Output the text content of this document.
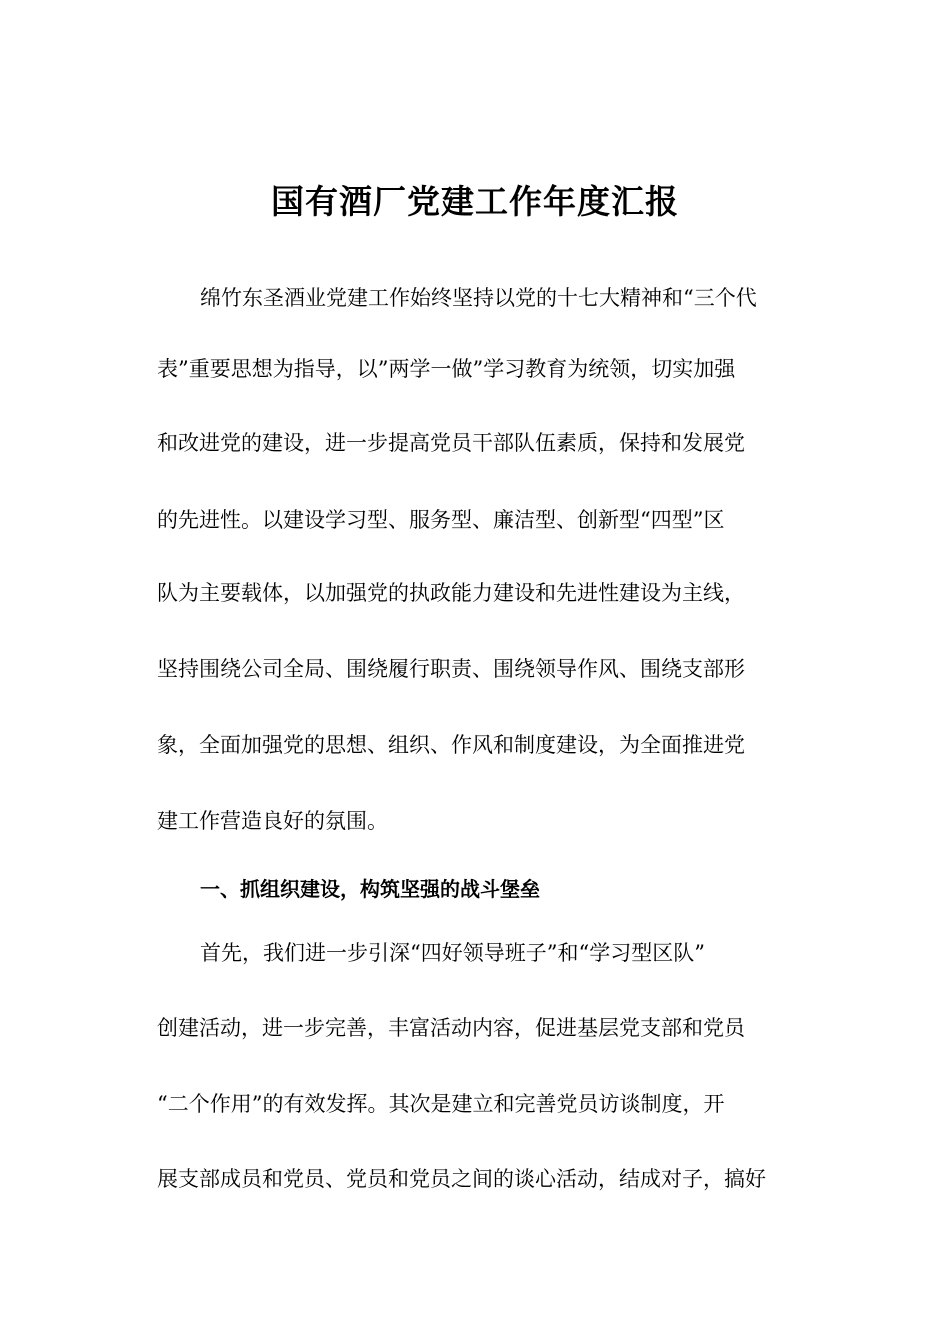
国有酒厂党建工作年度汇报

绵竹东圣酒业党建工作始终坚持以党的十七大精神和“三个代

表”重要思想为指导，以”两学一做”学习教育为统领，切实加强

和改进党的建设，进一步提高党员干部队伍素质，保持和发展党

的先进性。以建设学习型、服务型、廉洁型、创新型“四型”区

队为主要载体，以加强党的执政能力建设和先进性建设为主线，

坚持围绕公司全局、围绕履行职责、围绕领导作风、围绕支部形

象，全面加强党的思想、组织、作风和制度建设，为全面推进党

建工作营造良好的氛围。

一、抓组织建设，构筑坚强的战斗堡垒

首先，我们进一步引深“四好领导班子”和“学习型区队”

创建活动，进一步完善，丰富活动内容，促进基层党支部和党员

“二个作用”的有效发挥。其次是建立和完善党员访谈制度，开

展支部成员和党员、党员和党员之间的谈心活动，结成对子，搞好
